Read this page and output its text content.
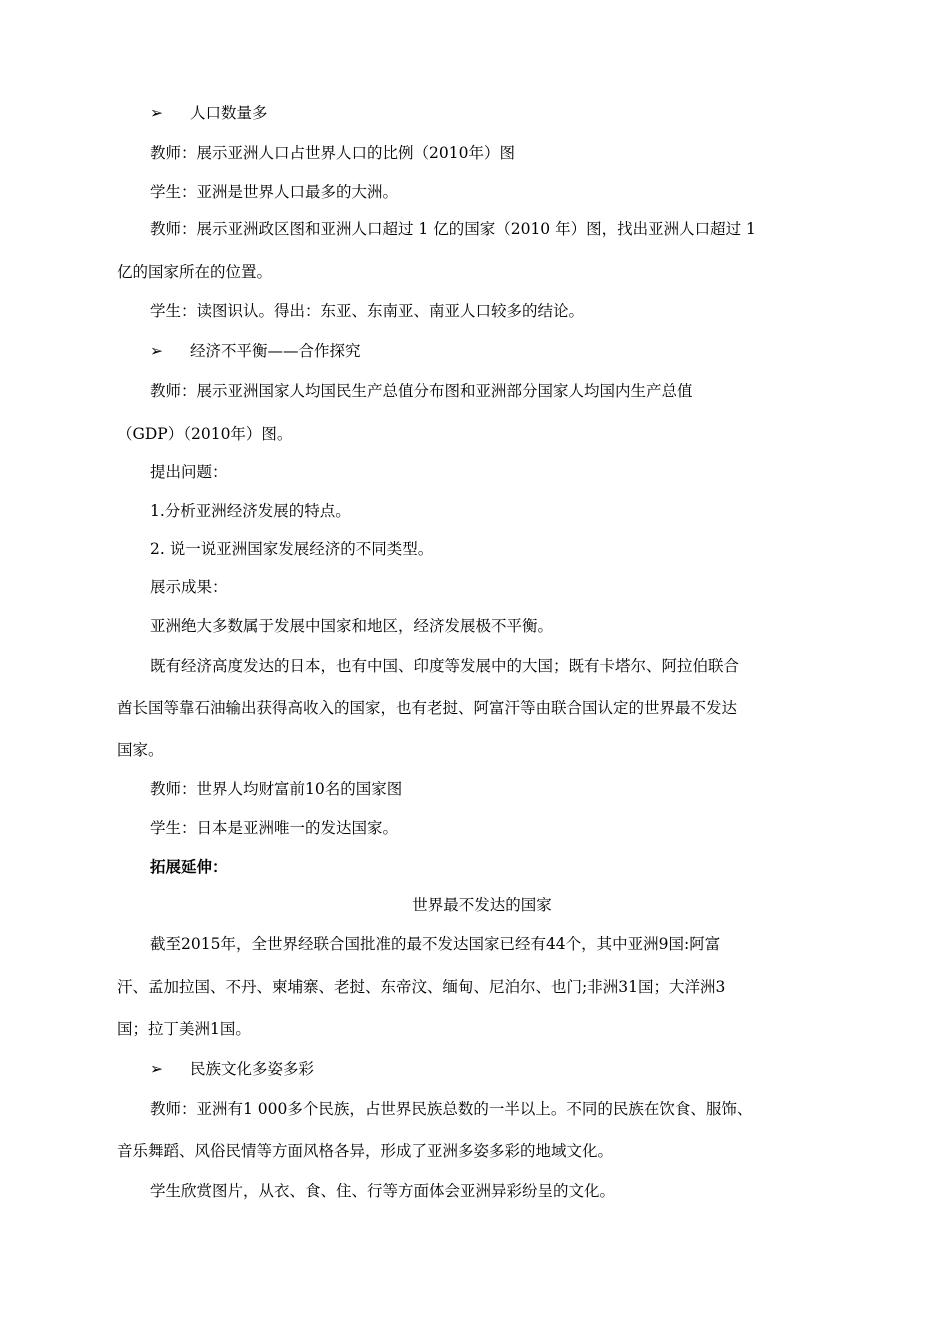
➢ 人口数量多
教师：展示亚洲人口占世界人口的比例（2010年）图
学生：亚洲是世界人口最多的大洲。
教师：展示亚洲政区图和亚洲人口超过 1 亿的国家（2010 年）图，找出亚洲人口超过 1
亿的国家所在的位置。
学生：读图识认。得出：东亚、东南亚、南亚人口较多的结论。
➢ 经济不平衡——合作探究
教师：展示亚洲国家人均国民生产总值分布图和亚洲部分国家人均国内生产总值
（GDP）（2010年）图。
提出问题：
1.分析亚洲经济发展的特点。
2. 说一说亚洲国家发展经济的不同类型。
展示成果：
亚洲绝大多数属于发展中国家和地区，经济发展极不平衡。
既有经济高度发达的日本，也有中国、印度等发展中的大国；既有卡塔尔、阿拉伯联合
酋长国等靠石油输出获得高收入的国家，也有老挝、阿富汗等由联合国认定的世界最不发达
国家。
教师：世界人均财富前10名的国家图
学生：日本是亚洲唯一的发达国家。
拓展延伸：
世界最不发达的国家
截至2015年，全世界经联合国批准的最不发达国家已经有44个，其中亚洲9国:阿富
汗、孟加拉国、不丹、柬埔寨、老挝、东帝汶、缅甸、尼泊尔、也门;非洲31国；大洋洲3
国；拉丁美洲1国。
➢ 民族文化多姿多彩
教师：亚洲有1 000多个民族，占世界民族总数的一半以上。不同的民族在饮食、服饰、
音乐舞蹈、风俗民情等方面风格各异，形成了亚洲多姿多彩的地域文化。
学生欣赏图片，从衣、食、住、行等方面体会亚洲异彩纷呈的文化。
